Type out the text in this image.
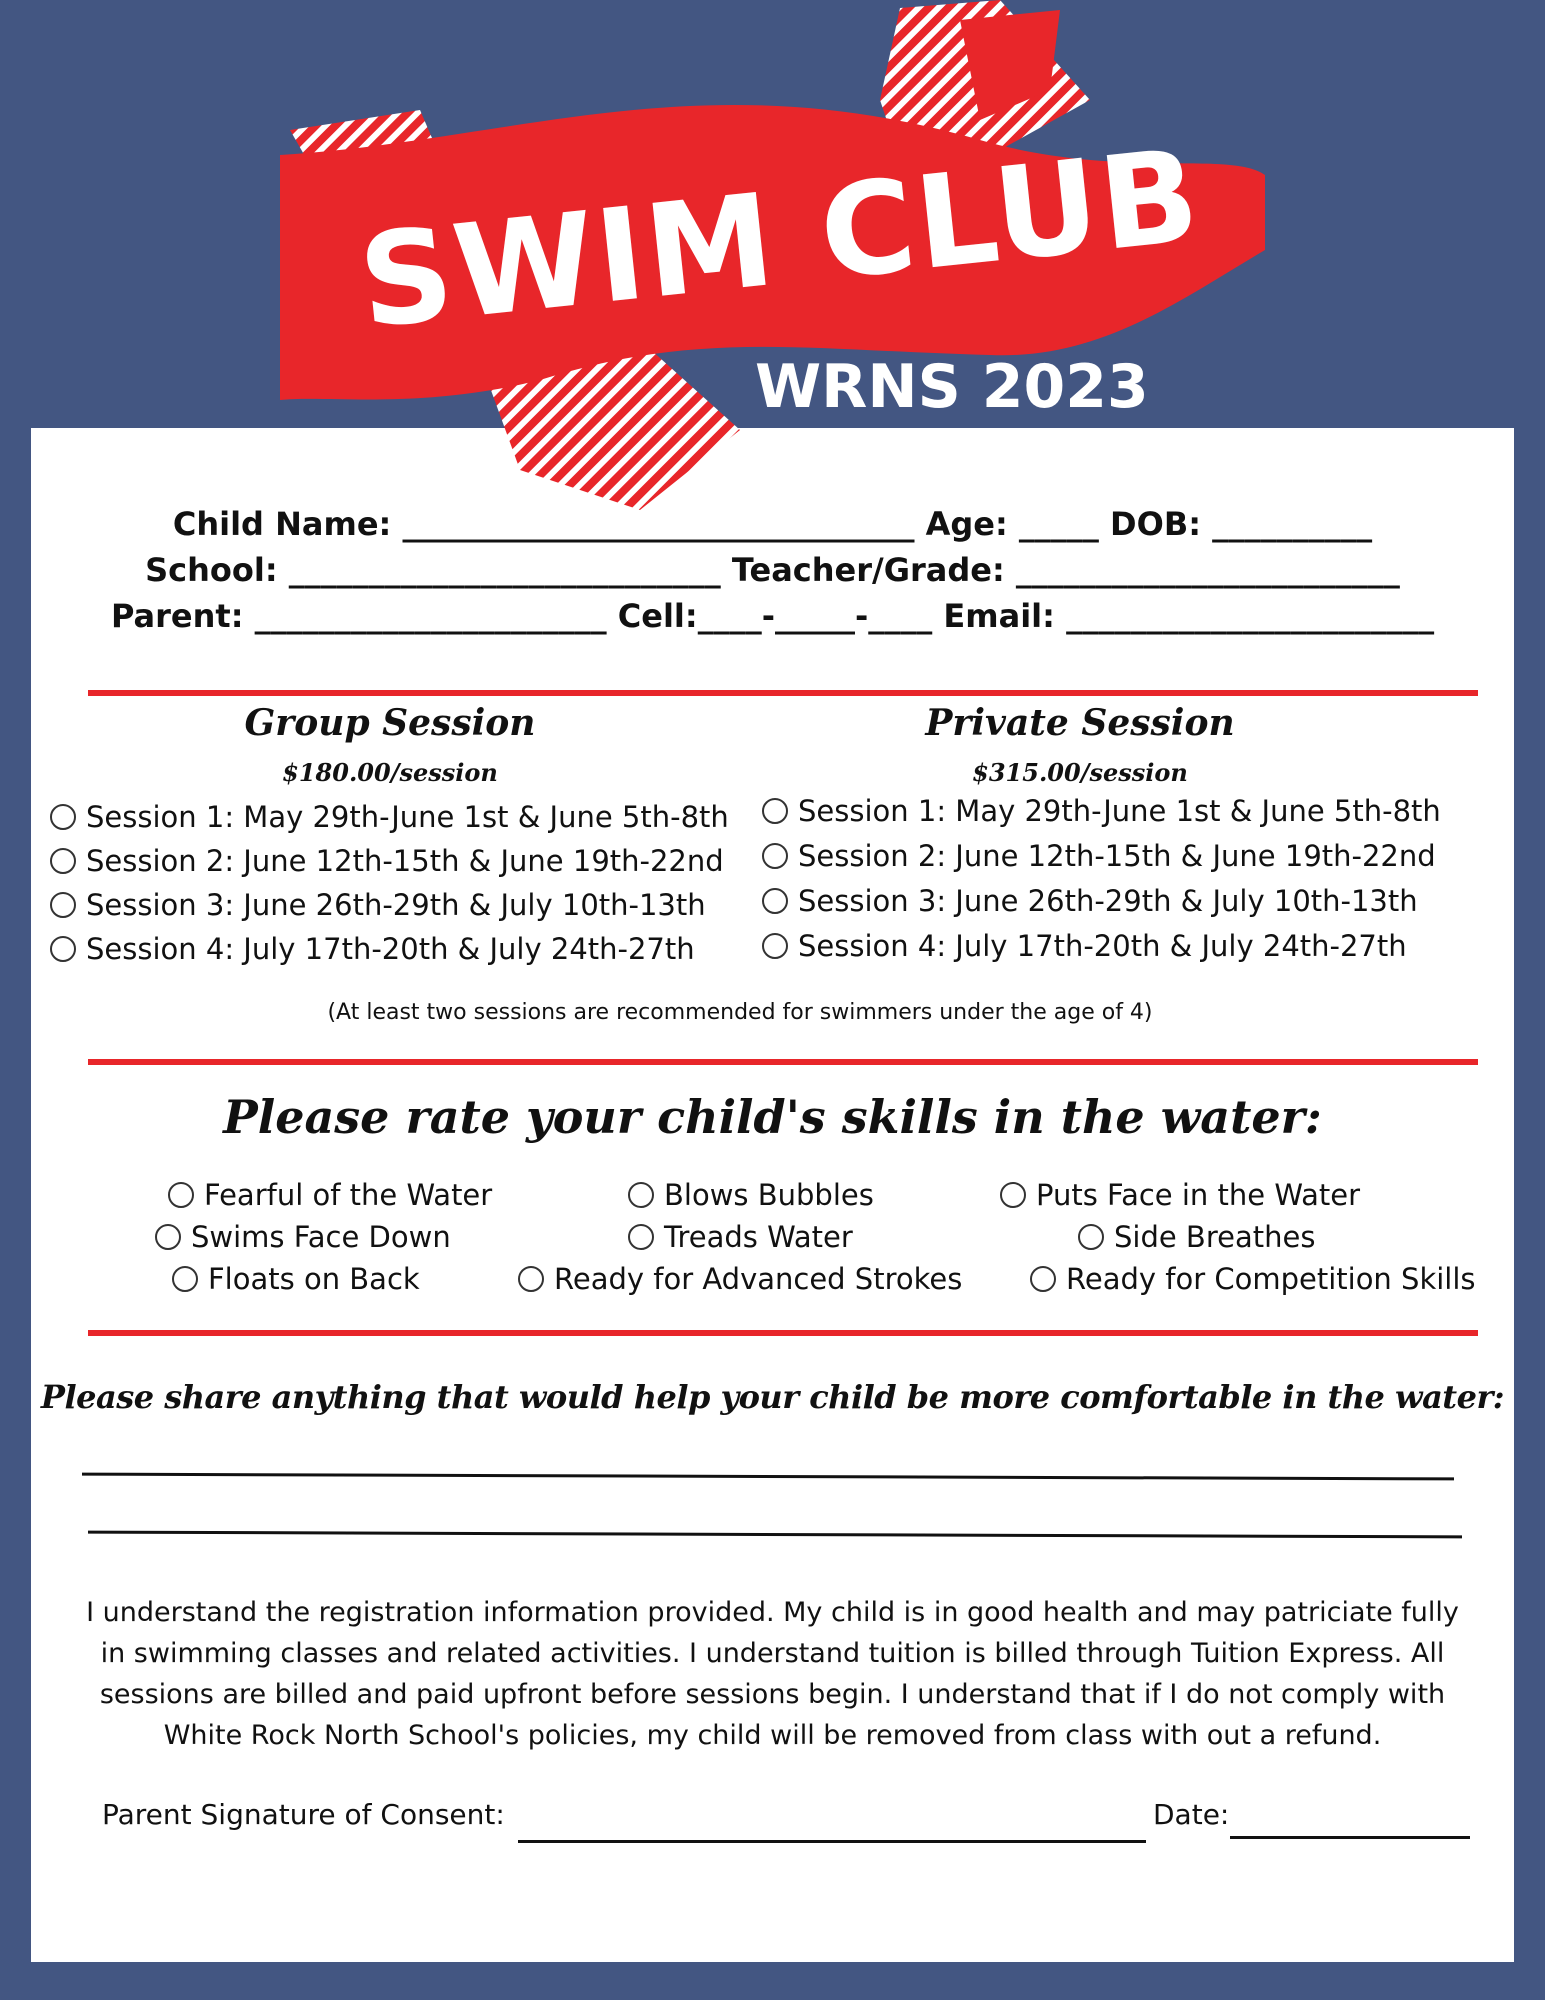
SWIM CLUB
WRNS 2023
Child Name: ________________________________ Age: _____ DOB: __________
School: ___________________________ Teacher/Grade: ________________________
Parent: ______________________ Cell:____-_____-____ Email: _______________________
Group Session
$180.00/session
Session 1: May 29th-June 1st & June 5th-8th
Session 2: June 12th-15th & June 19th-22nd
Session 3: June 26th-29th & July 10th-13th
Session 4: July 17th-20th & July 24th-27th
Private Session
$315.00/session
Session 1: May 29th-June 1st & June 5th-8th
Session 2: June 12th-15th & June 19th-22nd
Session 3: June 26th-29th & July 10th-13th
Session 4: July 17th-20th & July 24th-27th
(At least two sessions are recommended for swimmers under the age of 4)
Please rate your child's skills in the water:
Fearful of the Water	Blows Bubbles	Puts Face in the Water
Swims Face Down	Treads Water	Side Breathes
Floats on Back	Ready for Advanced Strokes	Ready for Competition Skills
Please share anything that would help your child be more comfortable in the water:
I understand the registration information provided. My child is in good health and may patriciate fully in swimming classes and related activities. I understand tuition is billed through Tuition Express. All sessions are billed and paid upfront before sessions begin. I understand that if I do not comply with White Rock North School's policies, my child will be removed from class with out a refund.
Parent Signature of Consent:	Date:
